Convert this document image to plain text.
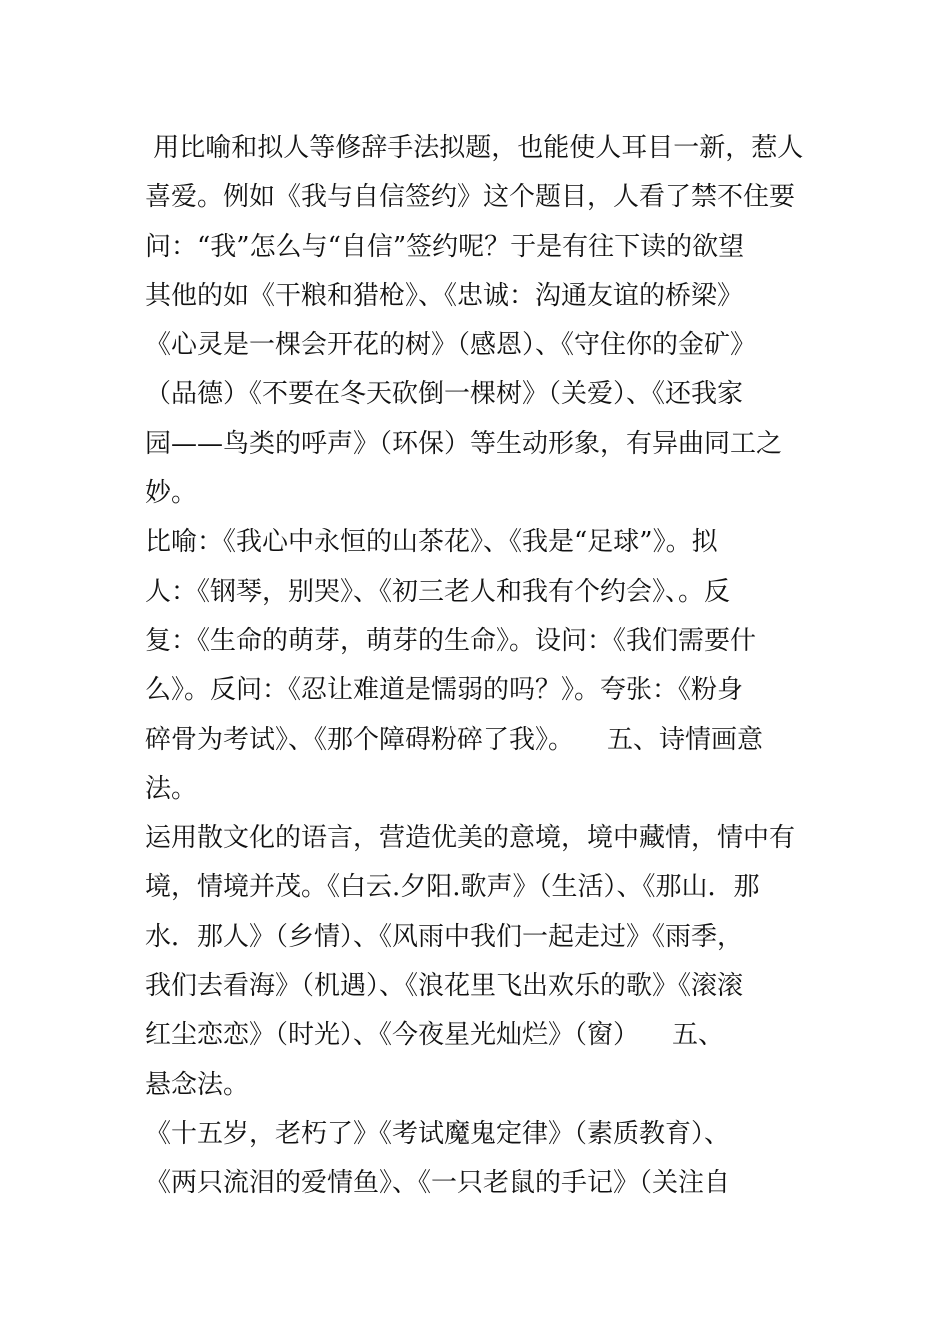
用比喻和拟人等修辞手法拟题，也能使人耳目一新，惹人
喜爱。例如《我与自信签约》这个题目，人看了禁不住要
问：“我”怎么与“自信”签约呢？于是有往下读的欲望
其他的如《干粮和猎枪》、《忠诚：沟通友谊的桥梁》
《心灵是一棵会开花的树》（感恩）、《守住你的金矿》
（品德）《不要在冬天砍倒一棵树》（关爱）、《还我家
园——鸟类的呼声》（环保）等生动形象，有异曲同工之
妙。
比喻：《我心中永恒的山茶花》、《我是“足球”》。拟
人：《钢琴，别哭》、《初三老人和我有个约会》、。反
复：《生命的萌芽，萌芽的生命》。设问：《我们需要什
么》。反问：《忍让难道是懦弱的吗？》。夸张：《粉身
碎骨为考试》、《那个障碍粉碎了我》。    五、诗情画意
法。
运用散文化的语言，营造优美的意境，境中藏情，情中有
境，情境并茂。《白云.夕阳.歌声》（生活）、《那山．那
水．那人》（乡情）、《风雨中我们一起走过》《雨季，
我们去看海》（机遇）、《浪花里飞出欢乐的歌》《滚滚
红尘恋恋》（时光）、《今夜星光灿烂》（窗）    五、
悬念法。
《十五岁，老朽了》《考试魔鬼定律》（素质教育）、
《两只流泪的爱情鱼》、《一只老鼠的手记》（关注自
